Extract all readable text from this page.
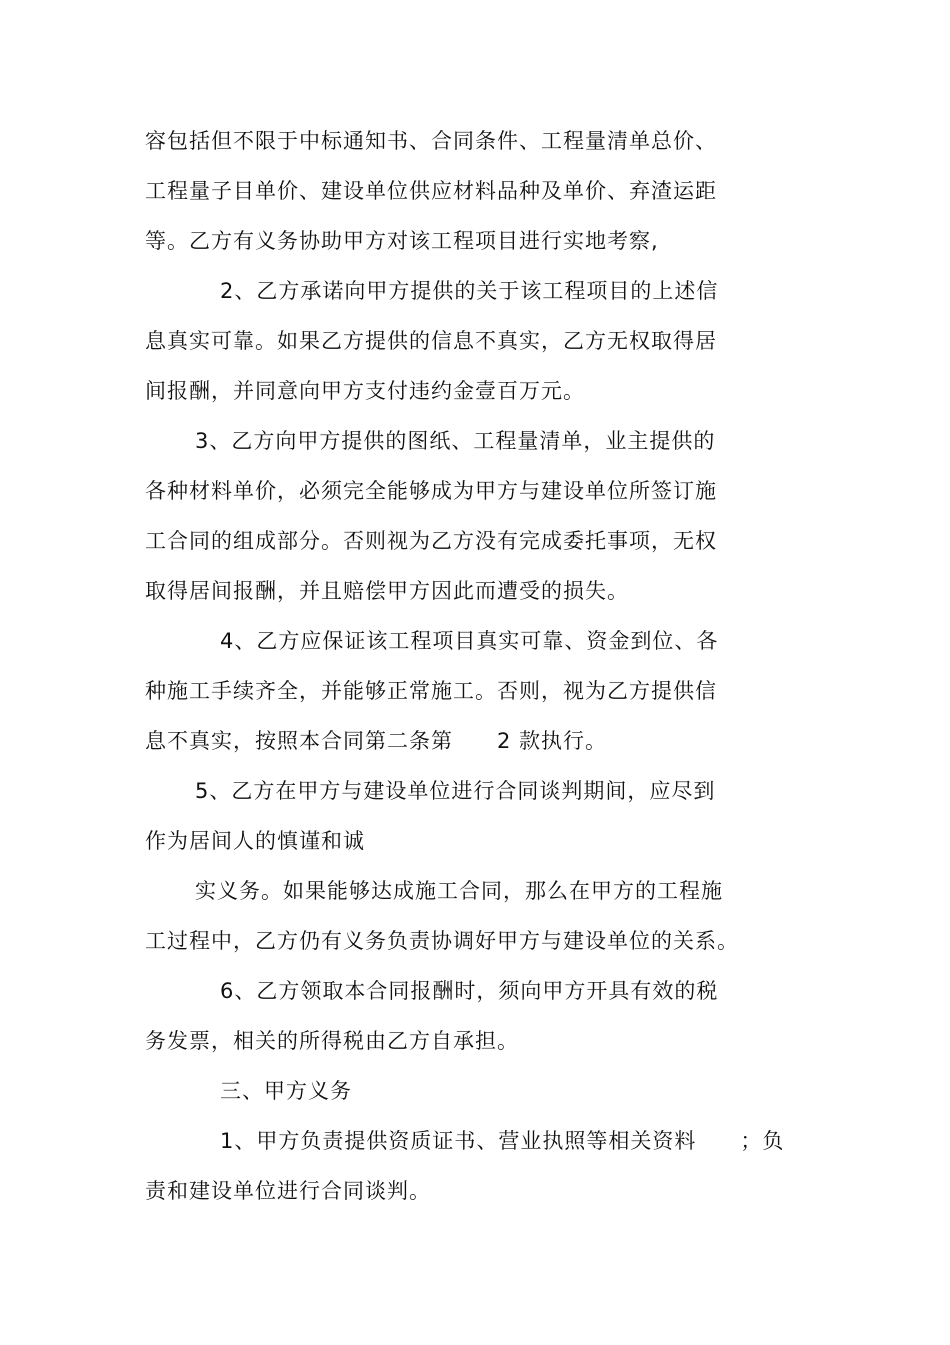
容包括但不限于中标通知书、合同条件、工程量清单总价、
工程量子目单价、建设单位供应材料品种及单价、弃渣运距
等。乙方有义务协助甲方对该工程项目进行实地考察,
2、乙方承诺向甲方提供的关于该工程项目的上述信
息真实可靠。如果乙方提供的信息不真实，乙方无权取得居
间报酬，并同意向甲方支付违约金壹百万元。
3、乙方向甲方提供的图纸、工程量清单，业主提供的
各种材料单价，必须完全能够成为甲方与建设单位所签订施
工合同的组成部分。否则视为乙方没有完成委托事项，无权
取得居间报酬，并且赔偿甲方因此而遭受的损失。
4、乙方应保证该工程项目真实可靠、资金到位、各
种施工手续齐全，并能够正常施工。否则，视为乙方提供信
息不真实，按照本合同第二条第　　2 款执行。
5、乙方在甲方与建设单位进行合同谈判期间，应尽到
作为居间人的慎谨和诚
实义务。如果能够达成施工合同，那么在甲方的工程施
工过程中，乙方仍有义务负责协调好甲方与建设单位的关系。
6、乙方领取本合同报酬时，须向甲方开具有效的税
务发票，相关的所得税由乙方自承担。
三、甲方义务
1、甲方负责提供资质证书、营业执照等相关资料　　；负
责和建设单位进行合同谈判。
